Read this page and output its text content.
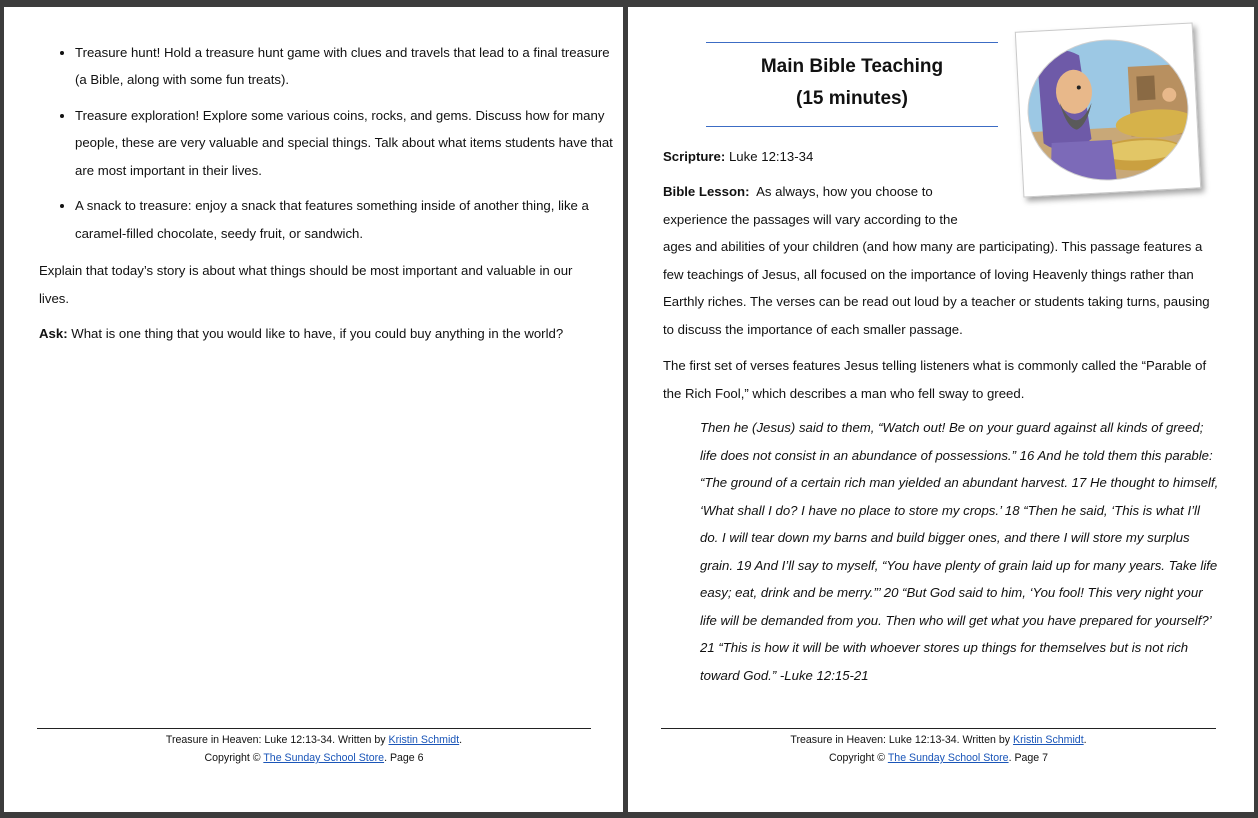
• Treasure hunt! Hold a treasure hunt game with clues and travels that lead to a final treasure (a Bible, along with some fun treats).
• Treasure exploration! Explore some various coins, rocks, and gems. Discuss how for many people, these are very valuable and special things. Talk about what items students have that are most important in their lives.
• A snack to treasure: enjoy a snack that features something inside of another thing, like a caramel-filled chocolate, seedy fruit, or sandwich.

Explain that today’s story is about what things should be most important and valuable in our lives.

Ask: What is one thing that you would like to have, if you could buy anything in the world?

Treasure in Heaven: Luke 12:13-34. Written by Kristin Schmidt.
Copyright © The Sunday School Store. Page 6
Main Bible Teaching
(15 minutes)

Scripture: Luke 12:13-34

Bible Lesson: As always, how you choose to
experience the passages will vary according to the

ages and abilities of your children (and how many are participating). This passage features a few teachings of Jesus, all focused on the importance of loving Heavenly things rather than Earthly riches. The verses can be read out loud by a teacher or students taking turns, pausing to discuss the importance of each smaller passage.

The first set of verses features Jesus telling listeners what is commonly called the “Parable of the Rich Fool,” which describes a man who fell sway to greed.

Then he (Jesus) said to them, “Watch out! Be on your guard against all kinds of greed; life does not consist in an abundance of possessions.” 16 And he told them this parable: “The ground of a certain rich man yielded an abundant harvest. 17 He thought to himself, ‘What shall I do? I have no place to store my crops.’ 18 “Then he said, ‘This is what I’ll do. I will tear down my barns and build bigger ones, and there I will store my surplus grain. 19 And I’ll say to myself, “You have plenty of grain laid up for many years. Take life easy; eat, drink and be merry.”’ 20 “But God said to him, ‘You fool! This very night your life will be demanded from you. Then who will get what you have prepared for yourself?’ 21 “This is how it will be with whoever stores up things for themselves but is not rich toward God.” -Luke 12:15-21

Treasure in Heaven: Luke 12:13-34. Written by Kristin Schmidt.
Copyright © The Sunday School Store. Page 7
